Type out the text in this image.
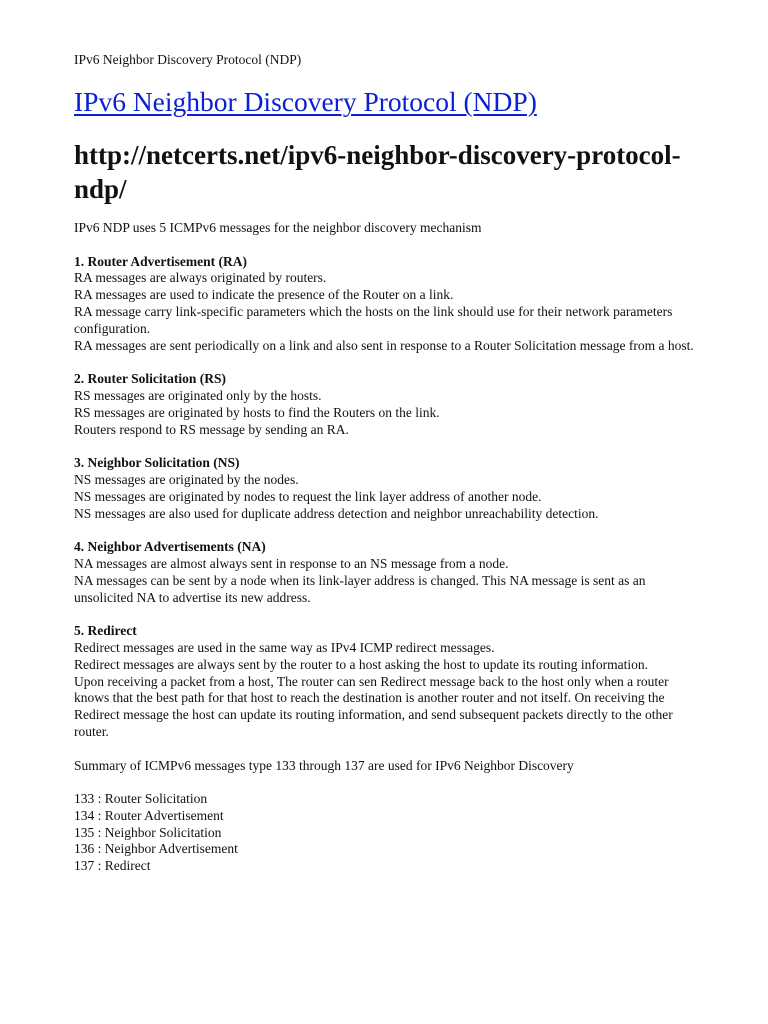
IPv6 Neighbor Discovery Protocol (NDP)
IPv6 Neighbor Discovery Protocol (NDP)
http://netcerts.net/ipv6-neighbor-discovery-protocol-ndp/

IPv6 NDP uses 5 ICMPv6 messages for the neighbor discovery mechanism

1. Router Advertisement (RA)

RA messages are always originated by routers.

RA messages are used to indicate the presence of the Router on a link.

RA message carry link-specific parameters which the hosts on the link should use for their network parameters configuration.

RA messages are sent periodically on a link and also sent in response to a Router Solicitation message from a host.

2. Router Solicitation (RS)

RS messages are originated only by the hosts.

RS messages are originated by hosts to find the Routers on the link.

Routers respond to RS message by sending an RA.

3. Neighbor Solicitation (NS)

NS messages are originated by the nodes.

NS messages are originated by nodes to request the link layer address of another node.

NS messages are also used for duplicate address detection and neighbor unreachability detection.

4. Neighbor Advertisements (NA)

NA messages are almost always sent in response to an NS message from a node.

NA messages can be sent by a node when its link-layer address is changed. This NA message is sent as an unsolicited NA to advertise its new address.

5. Redirect

Redirect messages are used in the same way as IPv4 ICMP redirect messages.

Redirect messages are always sent by the router to a host asking the host to update its routing information.

Upon receiving a packet from a host, The router can sen Redirect message back to the host only when a router knows that the best path for that host to reach the destination is another router and not itself. On receiving the Redirect message the host can update its routing information, and send subsequent packets directly to the other router.

Summary of ICMPv6 messages type 133 through 137 are used for IPv6 Neighbor Discovery

133 : Router Solicitation
134 : Router Advertisement
135 : Neighbor Solicitation
136 : Neighbor Advertisement
137 : Redirect
